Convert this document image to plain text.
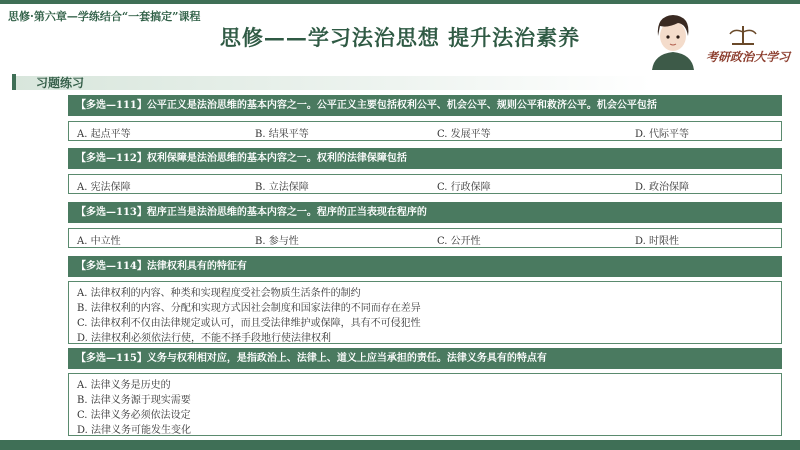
思修·第六章—学练结合“一套搞定”课程
思修——学习法治思想 提升法治素养
考研政治大学习
习题练习
【多选—111】公平正义是法治思维的基本内容之一。公平正义主要包括权利公平、机会公平、规则公平和救济公平。机会公平包括
A. 起点平等	B. 结果平等	C. 发展平等	D. 代际平等
【多选—112】权利保障是法治思维的基本内容之一。权利的法律保障包括
A. 宪法保障	B. 立法保障	C. 行政保障	D. 政治保障
【多选—113】程序正当是法治思维的基本内容之一。程序的正当表现在程序的
A. 中立性	B. 参与性	C. 公开性	D. 时限性
【多选—114】法律权利具有的特征有
A. 法律权利的内容、种类和实现程度受社会物质生活条件的制约
B. 法律权利的内容、分配和实现方式因社会制度和国家法律的不同而存在差异
C. 法律权利不仅由法律规定或认可，而且受法律维护或保障，具有不可侵犯性
D. 法律权利必须依法行使，不能不择手段地行使法律权利
【多选—115】义务与权利相对应，是指政治上、法律上、道义上应当承担的责任。法律义务具有的特点有
A. 法律义务是历史的
B. 法律义务源于现实需要
C. 法律义务必须依法设定
D. 法律义务可能发生变化
